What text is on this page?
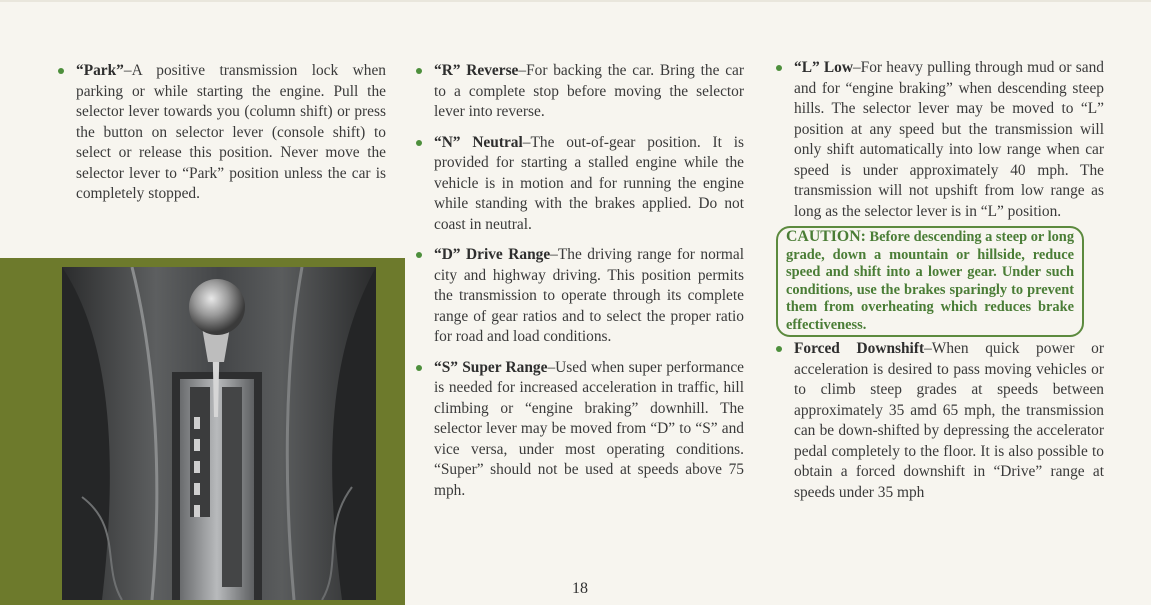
“Park”–A positive transmission lock when parking or while starting the engine. Pull the selector lever towards you (column shift) or press the button on selector lever (console shift) to select or release this position. Never move the selector lever to “Park” position unless the car is completely stopped.
“R” Reverse–For backing the car. Bring the car to a complete stop before moving the selector lever into reverse.
“N” Neutral–The out-of-gear position. It is provided for starting a stalled engine while the vehicle is in motion and for running the engine while standing with the brakes applied. Do not coast in neutral.
“D” Drive Range–The driving range for normal city and highway driving. This position permits the transmission to operate through its complete range of gear ratios and to select the proper ratio for road and load conditions.
“S” Super Range–Used when super performance is needed for increased acceleration in traffic, hill climbing or “engine braking” downhill. The selector lever may be moved from “D” to “S” and vice versa, under most operating conditions. “Super” should not be used at speeds above 75 mph.
“L” Low–For heavy pulling through mud or sand and for “engine braking” when descending steep hills. The selector lever may be moved to “L” position at any speed but the transmission will only shift automatically into low range when car speed is under approximately 40 mph. The transmission will not upshift from low range as long as the selector lever is in “L” position.
CAUTION: Before descending a steep or long grade, down a mountain or hillside, reduce speed and shift into a lower gear. Under such conditions, use the brakes sparingly to prevent them from overheating which reduces brake effectiveness.
Forced Downshift–When quick power or acceleration is desired to pass moving vehicles or to climb steep grades at speeds between approximately 35 amd 65 mph, the transmission can be down-shifted by depressing the accelerator pedal completely to the floor. It is also possible to obtain a forced downshift in “Drive” range at speeds under 35 mph
18
